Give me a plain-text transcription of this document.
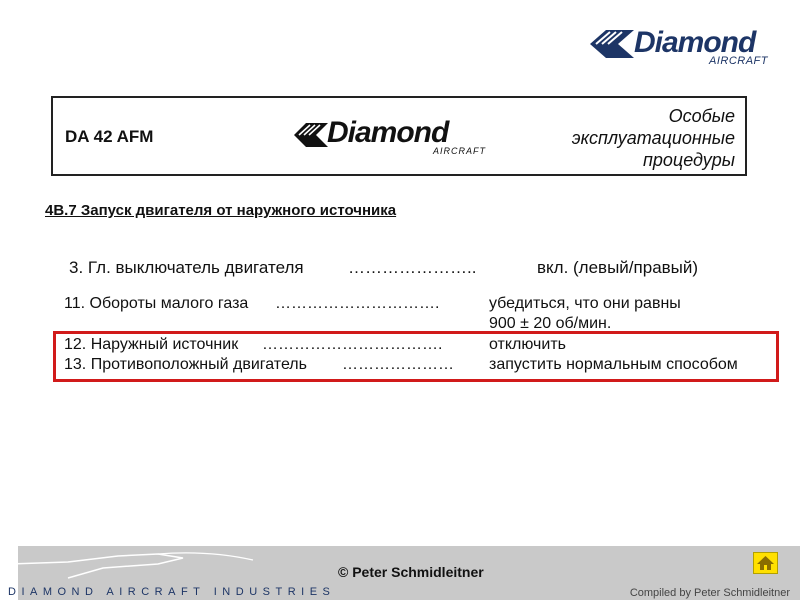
Diamond
AIRCRAFT
DA 42 AFM	Diamond
AIRCRAFT
Особые
эксплуатационные
процедуры
4B.7 Запуск двигателя от наружного источника
3. Гл. выключатель двигателя	…………………..	вкл. (левый/правый)
11. Обороты малого газа ………………………….	убедиться, что они равны
900 ± 20 об/мин.
12. Наружный источник …………………………….	отключить
13. Противоположный двигатель ………………… запустить нормальным способом
DIAMOND AIRCRAFT INDUSTRIES
© Peter Schmidleitner
Compiled by Peter Schmidleitner
